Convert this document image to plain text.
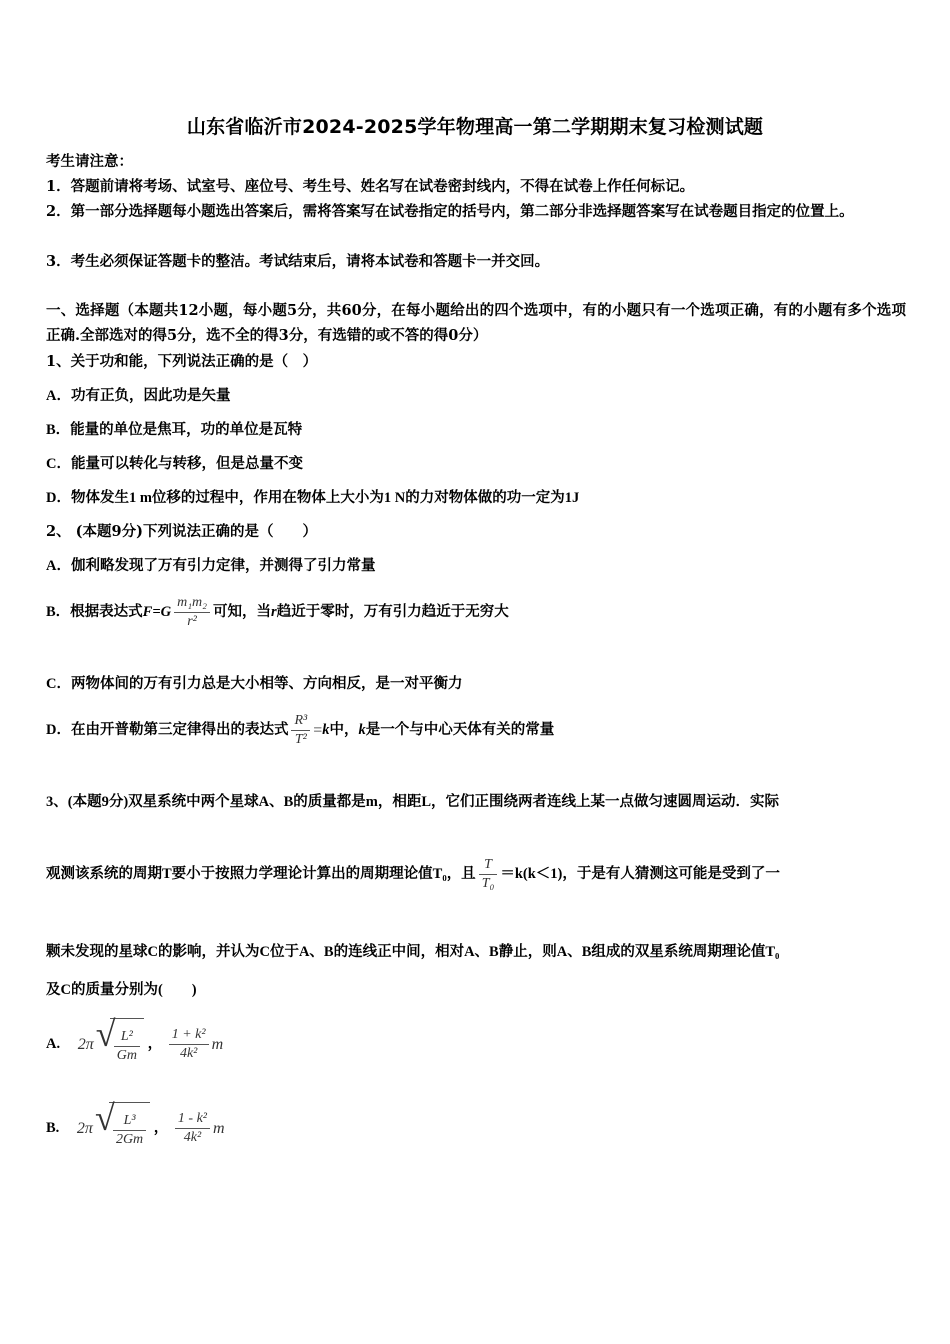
山东省临沂市2024-2025学年物理高一第二学期期末复习检测试题
考生请注意：
1．答题前请将考场、试室号、座位号、考生号、姓名写在试卷密封线内，不得在试卷上作任何标记。
2．第一部分选择题每小题选出答案后，需将答案写在试卷指定的括号内，第二部分非选择题答案写在试卷题目指定的位置上。
3．考生必须保证答题卡的整洁。考试结束后，请将本试卷和答题卡一并交回。
一、选择题（本题共12小题，每小题5分，共60分，在每小题给出的四个选项中，有的小题只有一个选项正确，有的小题有多个选项正确.全部选对的得5分，选不全的得3分，有选错的或不答的得0分）
1、关于功和能，下列说法正确的是（　）
A．功有正负，因此功是矢量
B．能量的单位是焦耳，功的单位是瓦特
C．能量可以转化与转移，但是总量不变
D．物体发生1 m位移的过程中，作用在物体上大小为1 N的力对物体做的功一定为1J
2、 (本题9分)下列说法正确的是（　　）
A．伽利略发现了万有引力定律，并测得了引力常量
B．根据表达式$F=G \frac{\text{m₁m₂}}{\text{r²}}$ 可知，当r趋近于零时，万有引力趋近于无穷大
C．两物体间的万有引力总是大小相等、方向相反，是一对平衡力
D．在由开普勒第三定律得出的表达式 $\frac{\text{R³}}{\text{T²}} =k$中，k是一个与中心天体有关的常量
3、(本题9分)双星系统中两个星球A、B的质量都是m，相距L，它们正围绕两者连线上某一点做匀速圆周运动．实际
观测该系统的周期T要小于按照力学理论计算出的周期理论值T₀，且 $\frac{T}{\text{T₀}} =k(k<1)$，于是有人猜测这可能是受到了一
颗未发现的星球C的影响，并认为C位于A、B的连线正中间，相对A、B静止，则A、B组成的双星系统周期理论值T₀
及C的质量分别为(　　)
A. 2π √
$\frac{\text{L²}}{Gm}$ ， $\frac{\text{1 + k²}}{\text{4k²}}$ m
B. 2π √
$\frac{\text{L³}}{2Gm}$ ， $\frac{\text{1 - k²}}{\text{4k²}}$ m
